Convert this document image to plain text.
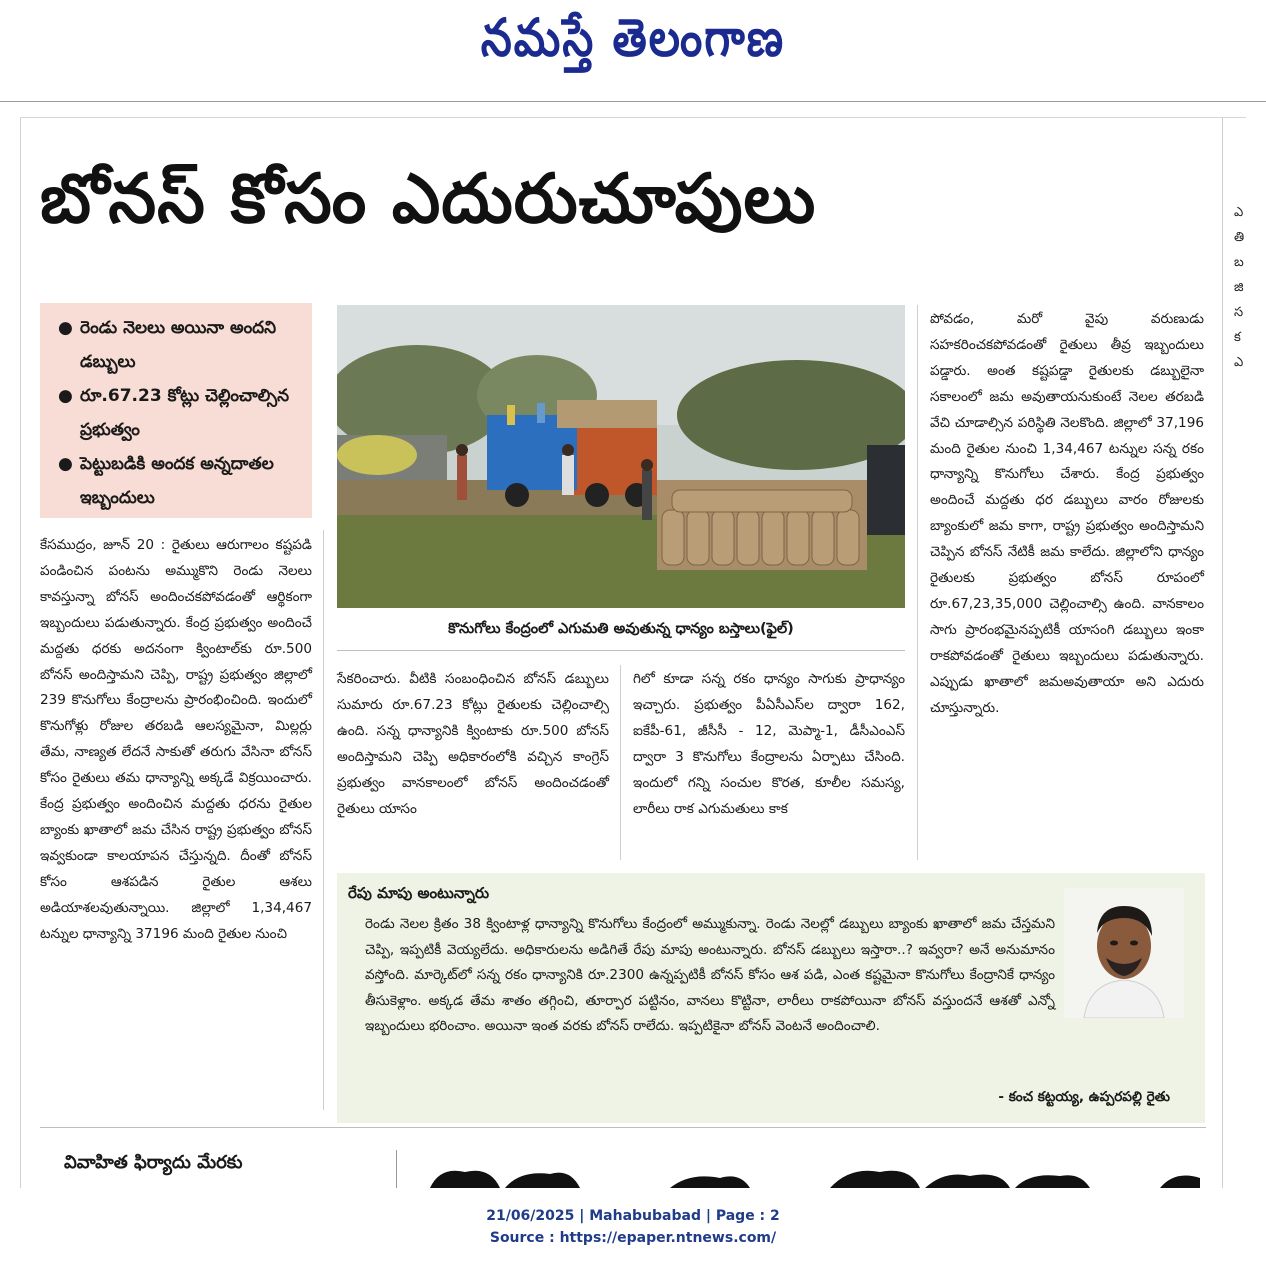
నమస్తే తెలంగాణ
బోనస్ కోసం ఎదురుచూపులు
● రెండు నెలలు అయినా అందని డబ్బులు
● రూ.67.23 కోట్లు చెల్లించాల్సిన ప్రభుత్వం
● పెట్టుబడికి అందక అన్నదాతల ఇబ్బందులు
కొనుగోలు కేంద్రంలో ఎగుమతి అవుతున్న ధాన్యం బస్తాలు(ఫైల్)

కేసముద్రం, జూన్ 20 : రైతులు ఆరుగాలం కష్టపడి పండించిన పంటను అమ్ముకొని రెండు నెలలు కావస్తున్నా బోనస్ అందించకపోవడంతో ఆర్థికంగా ఇబ్బందులు పడుతున్నారు. కేంద్ర ప్రభుత్వం అందించే మద్దతు ధరకు అదనంగా క్వింటాల్‌కు రూ.500 బోనస్ అందిస్తామని చెప్పి, రాష్ట్ర ప్రభుత్వం జిల్లాలో 239 కొనుగోలు కేంద్రాలను ప్రారంభించింది. ఇందులో కొనుగోళ్లు రోజుల తరబడి ఆలస్యమైనా, మిల్లర్లు తేమ, నాణ్యత లేదనే సాకుతో తరుగు వేసినా బోనస్ కోసం రైతులు తమ ధాన్యాన్ని అక్కడే విక్రయించారు. కేంద్ర ప్రభుత్వం అందించిన మద్దతు ధరను రైతుల బ్యాంకు ఖాతాలో జమ చేసిన రాష్ట్ర ప్రభుత్వం బోనస్ ఇవ్వకుండా కాలయాపన చేస్తున్నది. దీంతో బోనస్ కోసం ఆశపడిన రైతుల ఆశలు అడియాశలవుతున్నాయి. జిల్లాలో 1,34,467 టన్నుల ధాన్యాన్ని 37196 మంది రైతుల నుంచి

సేకరించారు. వీటికి సంబంధించిన బోనస్ డబ్బులు సుమారు రూ.67.23 కోట్లు రైతులకు చెల్లించాల్సి ఉంది. సన్న ధాన్యానికి క్వింటాకు రూ.500 బోనస్ అందిస్తామని చెప్పి అధికారంలోకి వచ్చిన కాంగ్రెస్ ప్రభుత్వం వానకాలంలో బోనస్ అందించడంతో రైతులు యాసం

గిలో కూడా సన్న రకం ధాన్యం సాగుకు ప్రాధాన్యం ఇచ్చారు. ప్రభుత్వం పీఏసీఎస్‌ల ద్వారా 162, ఐకేపీ-61, జీసీసీ - 12, మెప్మా-1, డీసీఎంఎస్‌ ద్వారా 3 కొనుగోలు కేంద్రాలను ఏర్పాటు చేసింది. ఇందులో గన్ని సంచుల కొరత, కూలీల సమస్య, లారీలు రాక ఎగుమతులు కాక

పోవడం, మరో వైపు వరుణుడు సహకరించకపోవడంతో రైతులు తీవ్ర ఇబ్బందులు పడ్డారు. అంత కష్టపడ్డా రైతులకు డబ్బులైనా సకాలంలో జమ అవుతాయనుకుంటే నెలల తరబడి వేచి చూడాల్సిన పరిస్థితి నెలకొంది. జిల్లాలో 37,196 మంది రైతుల నుంచి 1,34,467 టన్నుల సన్న రకం ధాన్యాన్ని కొనుగోలు చేశారు. కేంద్ర ప్రభుత్వం అందించే మద్దతు ధర డబ్బులు వారం రోజులకు బ్యాంకులో జమ కాగా, రాష్ట్ర ప్రభుత్వం అందిస్తామని చెప్పిన బోనస్ నేటికీ జమ కాలేదు. జిల్లాలోని ధాన్యం రైతులకు ప్రభుత్వం బోనస్ రూపంలో రూ.67,23,35,000 చెల్లించాల్సి ఉంది. వానకాలం సాగు ప్రారంభమైనప్పటికీ యాసంగి డబ్బులు ఇంకా రాకపోవడంతో రైతులు ఇబ్బందులు పడుతున్నారు. ఎప్పుడు ఖాతాలో జమఅవుతాయా అని ఎదురు చూస్తున్నారు.

రేపు మాపు అంటున్నారు
రెండు నెలల క్రితం 38 క్వింటాళ్ల ధాన్యాన్ని కొనుగోలు కేంద్రంలో అమ్ముకున్నా. రెండు నెలల్లో డబ్బులు బ్యాంకు ఖాతాలో జమ చేస్తమని చెప్పి, ఇప్పటికీ వెయ్యలేదు. అధికారులను అడిగితే రేపు మాపు అంటున్నారు. బోనస్ డబ్బులు ఇస్తారా..? ఇవ్వరా? అనే అనుమానం వస్తోంది. మార్కెట్‌లో సన్న రకం ధాన్యానికి రూ.2300 ఉన్నప్పటికీ బోనస్ కోసం ఆశ పడి, ఎంత కష్టమైనా కొనుగోలు కేంద్రానికే ధాన్యం తీసుకెళ్లాం. అక్కడ తేమ శాతం తగ్గించి, తూర్పార పట్టినం, వానలు కొట్టినా, లారీలు రాకపోయినా బోనస్ వస్తుందనే ఆశతో ఎన్నో ఇబ్బందులు భరించాం. అయినా ఇంత వరకు బోనస్ రాలేదు. ఇప్పటికైనా బోనస్ వెంటనే అందించాలి.
- కంచ కట్టయ్య, ఉప్పరపల్లి రైతు
వివాహిత ఫిర్యాదు మేరకు
ఎ
తి
బ
జి
స
క
ఎ
21/06/2025 | Mahabubabad | Page : 2
Source : https://epaper.ntnews.com/
